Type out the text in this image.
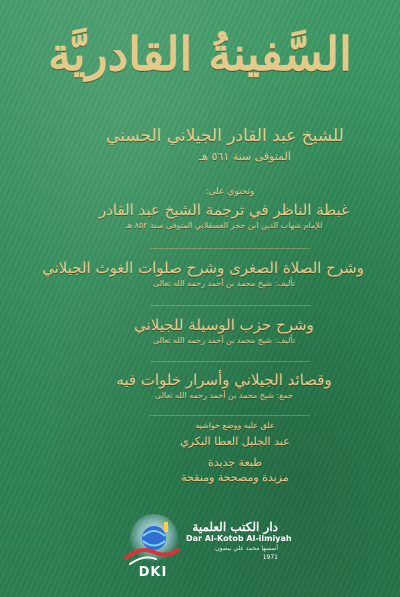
السَّفينةُ القادريَّة
للشيخ عبد القادر الجيلاني الحسني
المتوفى سنة ٥٦١ هـ
وتحتوي على:
غبطة الناظر في ترجمة الشيخ عبد القادر
للإمام شهاب الدين ابن حجر العسقلاني المتوفى سنة ٨٥٢ هـ
وشرح الصلاة الصغرى وشرح صلوات الغوث الجيلاني
تأليف: شيخ محمد بن أحمد رحمه الله تعالى
وشرح حزب الوسيلة للجيلاني
تأليف: شيخ محمد بن أحمد رحمه الله تعالى
وقصائد الجيلاني وأسرار خلوات فيه
جمع: شيخ محمد بن أحمد رحمه الله تعالى
علق عليه ووضع حواشيه
عبد الجليل العطا البكري
طبعة جديدة
مزيدة ومصححة ومنقحة
DKI
دار الكتب العلمية
Dar Al-Kotob Al-ilmiyah
أسسها محمد علي بيضون
1971
